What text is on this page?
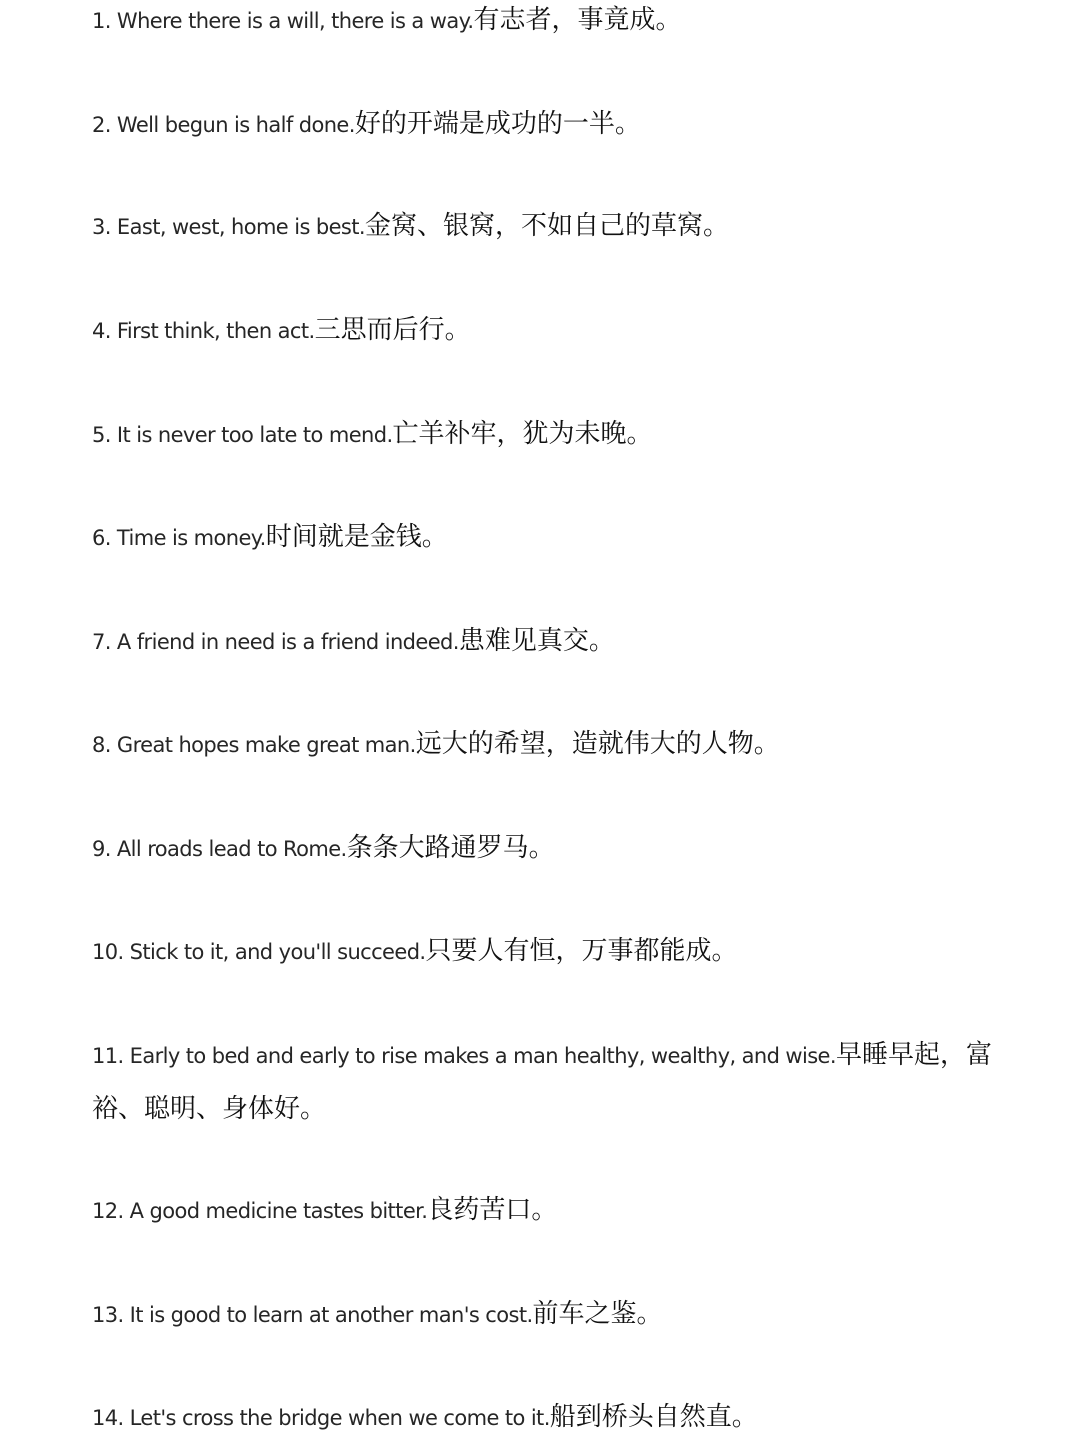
1. Where there is a will, there is a way.有志者，事竟成。

2. Well begun is half done.好的开端是成功的一半。

3. East, west, home is best.金窝、银窝，不如自己的草窝。

4. First think, then act.三思而后行。

5. It is never too late to mend.亡羊补牢，犹为未晚。

6. Time is money.时间就是金钱。

7. A friend in need is a friend indeed.患难见真交。

8. Great hopes make great man.远大的希望，造就伟大的人物。

9. All roads lead to Rome.条条大路通罗马。

10. Stick to it, and you'll succeed.只要人有恒，万事都能成。

11. Early to bed and early to rise makes a man healthy, wealthy, and wise.早睡早起，富裕、聪明、身体好。

12. A good medicine tastes bitter.良药苦口。

13. It is good to learn at another man's cost.前车之鉴。

14. Let's cross the bridge when we come to it.船到桥头自然直。
